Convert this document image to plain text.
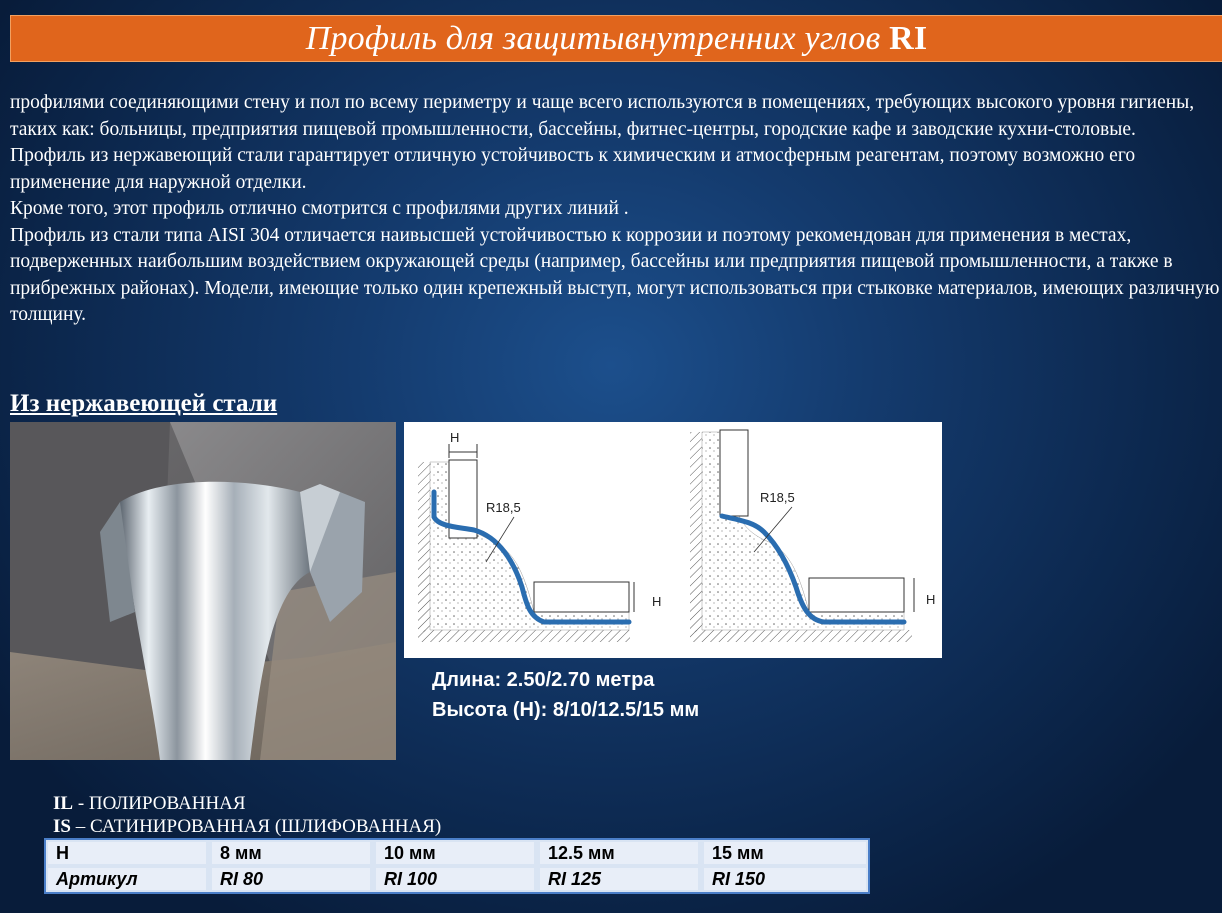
Профиль для защитывнутренних углов RI

профилями соединяющими стену и пол по всему периметру и чаще всего используются в помещениях, требующих высокого уровня гигиены, таких как: больницы, предприятия пищевой промышленности, бассейны, фитнес-центры, городские кафе и заводские кухни-столовые.

Профиль из нержавеющий стали гарантирует отличную устойчивость к химическим и атмосферным реагентам, поэтому возможно его применение для наружной отделки.

Кроме того, этот профиль отлично смотрится с профилями других линий .

Профиль из стали типа AISI 304 отличается наивысшей устойчивостью к коррозии и поэтому рекомендован для применения в местах, подверженных наибольшим воздействием окружающей среды (например, бассейны или предприятия пищевой промышленности, а также в прибрежных районах). Модели, имеющие только один крепежный выступ, могут использоваться при стыковке материалов, имеющих различную толщину.

Из нержавеющей стали
H
R18,5
H
R18,5
H
Длина: 2.50/2.70 метра
Высота (H): 8/10/12.5/15 мм
IL - ПОЛИРОВАННАЯ
IS – САТИНИРОВАННАЯ (ШЛИФОВАННАЯ)
H	8 мм	10 мм	12.5 мм	15 мм
Артикул	RI 80	RI 100	RI 125	RI 150
